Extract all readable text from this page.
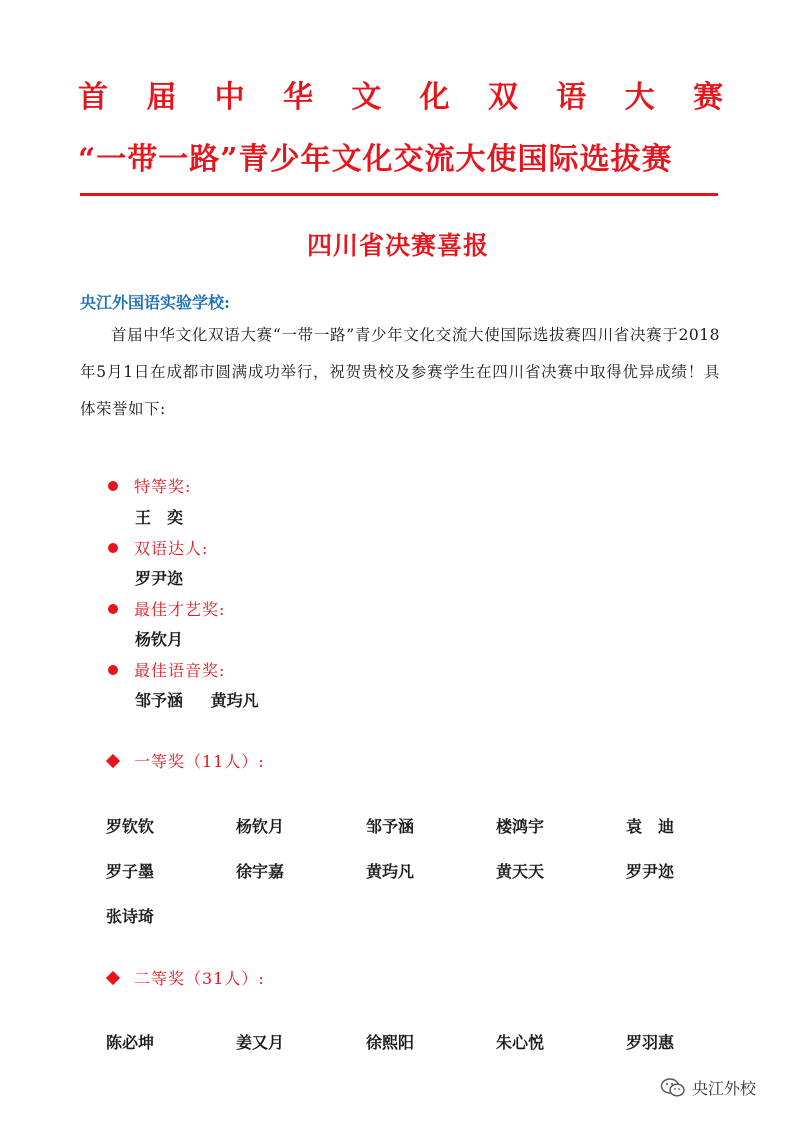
首 届 中 华 文 化 双 语 大 赛
“一带一路”青少年文化交流大使国际选拔赛
四川省决赛喜报
央江外国语实验学校:
首届中华文化双语大赛“一带一路”青少年文化交流大使国际选拔赛四川省决赛于2018年5月1日在成都市圆满成功举行，祝贺贵校及参赛学生在四川省决赛中取得优异成绩！具体荣誉如下:
特等奖:
王　奕
双语达人:
罗尹迩
最佳才艺奖:
杨钦月
最佳语音奖:
邹予涵 黄玙凡
一等奖（11人）:
罗钦钦	杨钦月	邹予涵	楼鸿宇	袁　迪
罗子墨	徐宇嘉	黄玙凡	黄天天	罗尹迩
张诗琦
二等奖（31人）:
陈必坤	姜又月	徐熙阳	朱心悦	罗羽惠
央江外校
